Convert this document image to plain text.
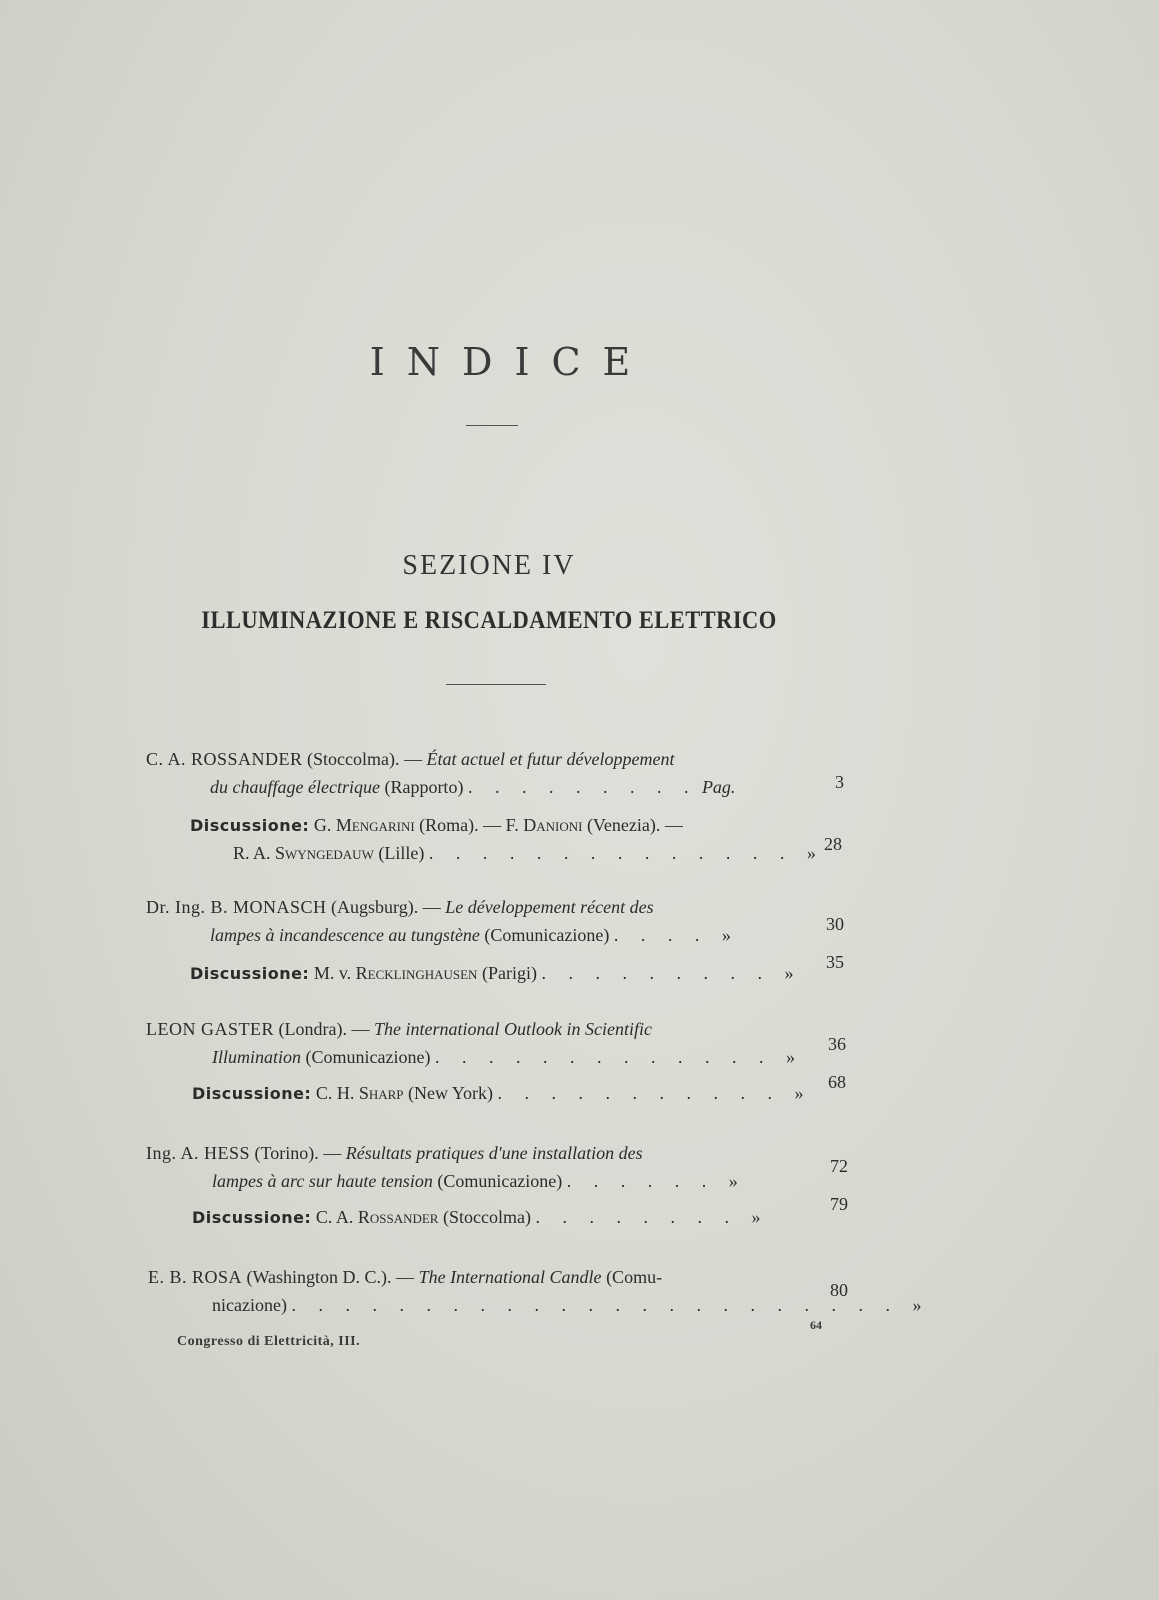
INDICE
SEZIONE IV
ILLUMINAZIONE E RISCALDAMENTO ELETTRICO
C. A. ROSSANDER (Stoccolma). — État actuel et futur développement
du chauffage électrique (Rapporto) . . . . . . . . . Pag.	3
Discussione: G. Mengarini (Roma). — F. Danioni (Venezia). —
R. A. Swyngedauw (Lille) . . . . . . . . . . . . . . » 28
Dr. Ing. B. MONASCH (Augsburg). — Le développement récent des
lampes à incandescence au tungstène (Comunicazione) . . . . »
30
Discussione: M. v. Recklinghausen (Parigi) . . . . . . . . . »
35
LEON GASTER (Londra). — The international Outlook in Scientific
Illumination (Comunicazione) . . . . . . . . . . . . . »
36
Discussione: C. H. Sharp (New York) . . . . . . . . . . . »
68
Ing. A. HESS (Torino). — Résultats pratiques d'une installation des
lampes à arc sur haute tension (Comunicazione) . . . . . . »
72
Discussione: C. A. Rossander (Stoccolma) . . . . . . . . »
79
E. B. ROSA (Washington D. C.). — The International Candle (Comu-
nicazione) . . . . . . . . . . . . . . . . . . . . . . . »
80
Congresso di Elettricità, III.
64
